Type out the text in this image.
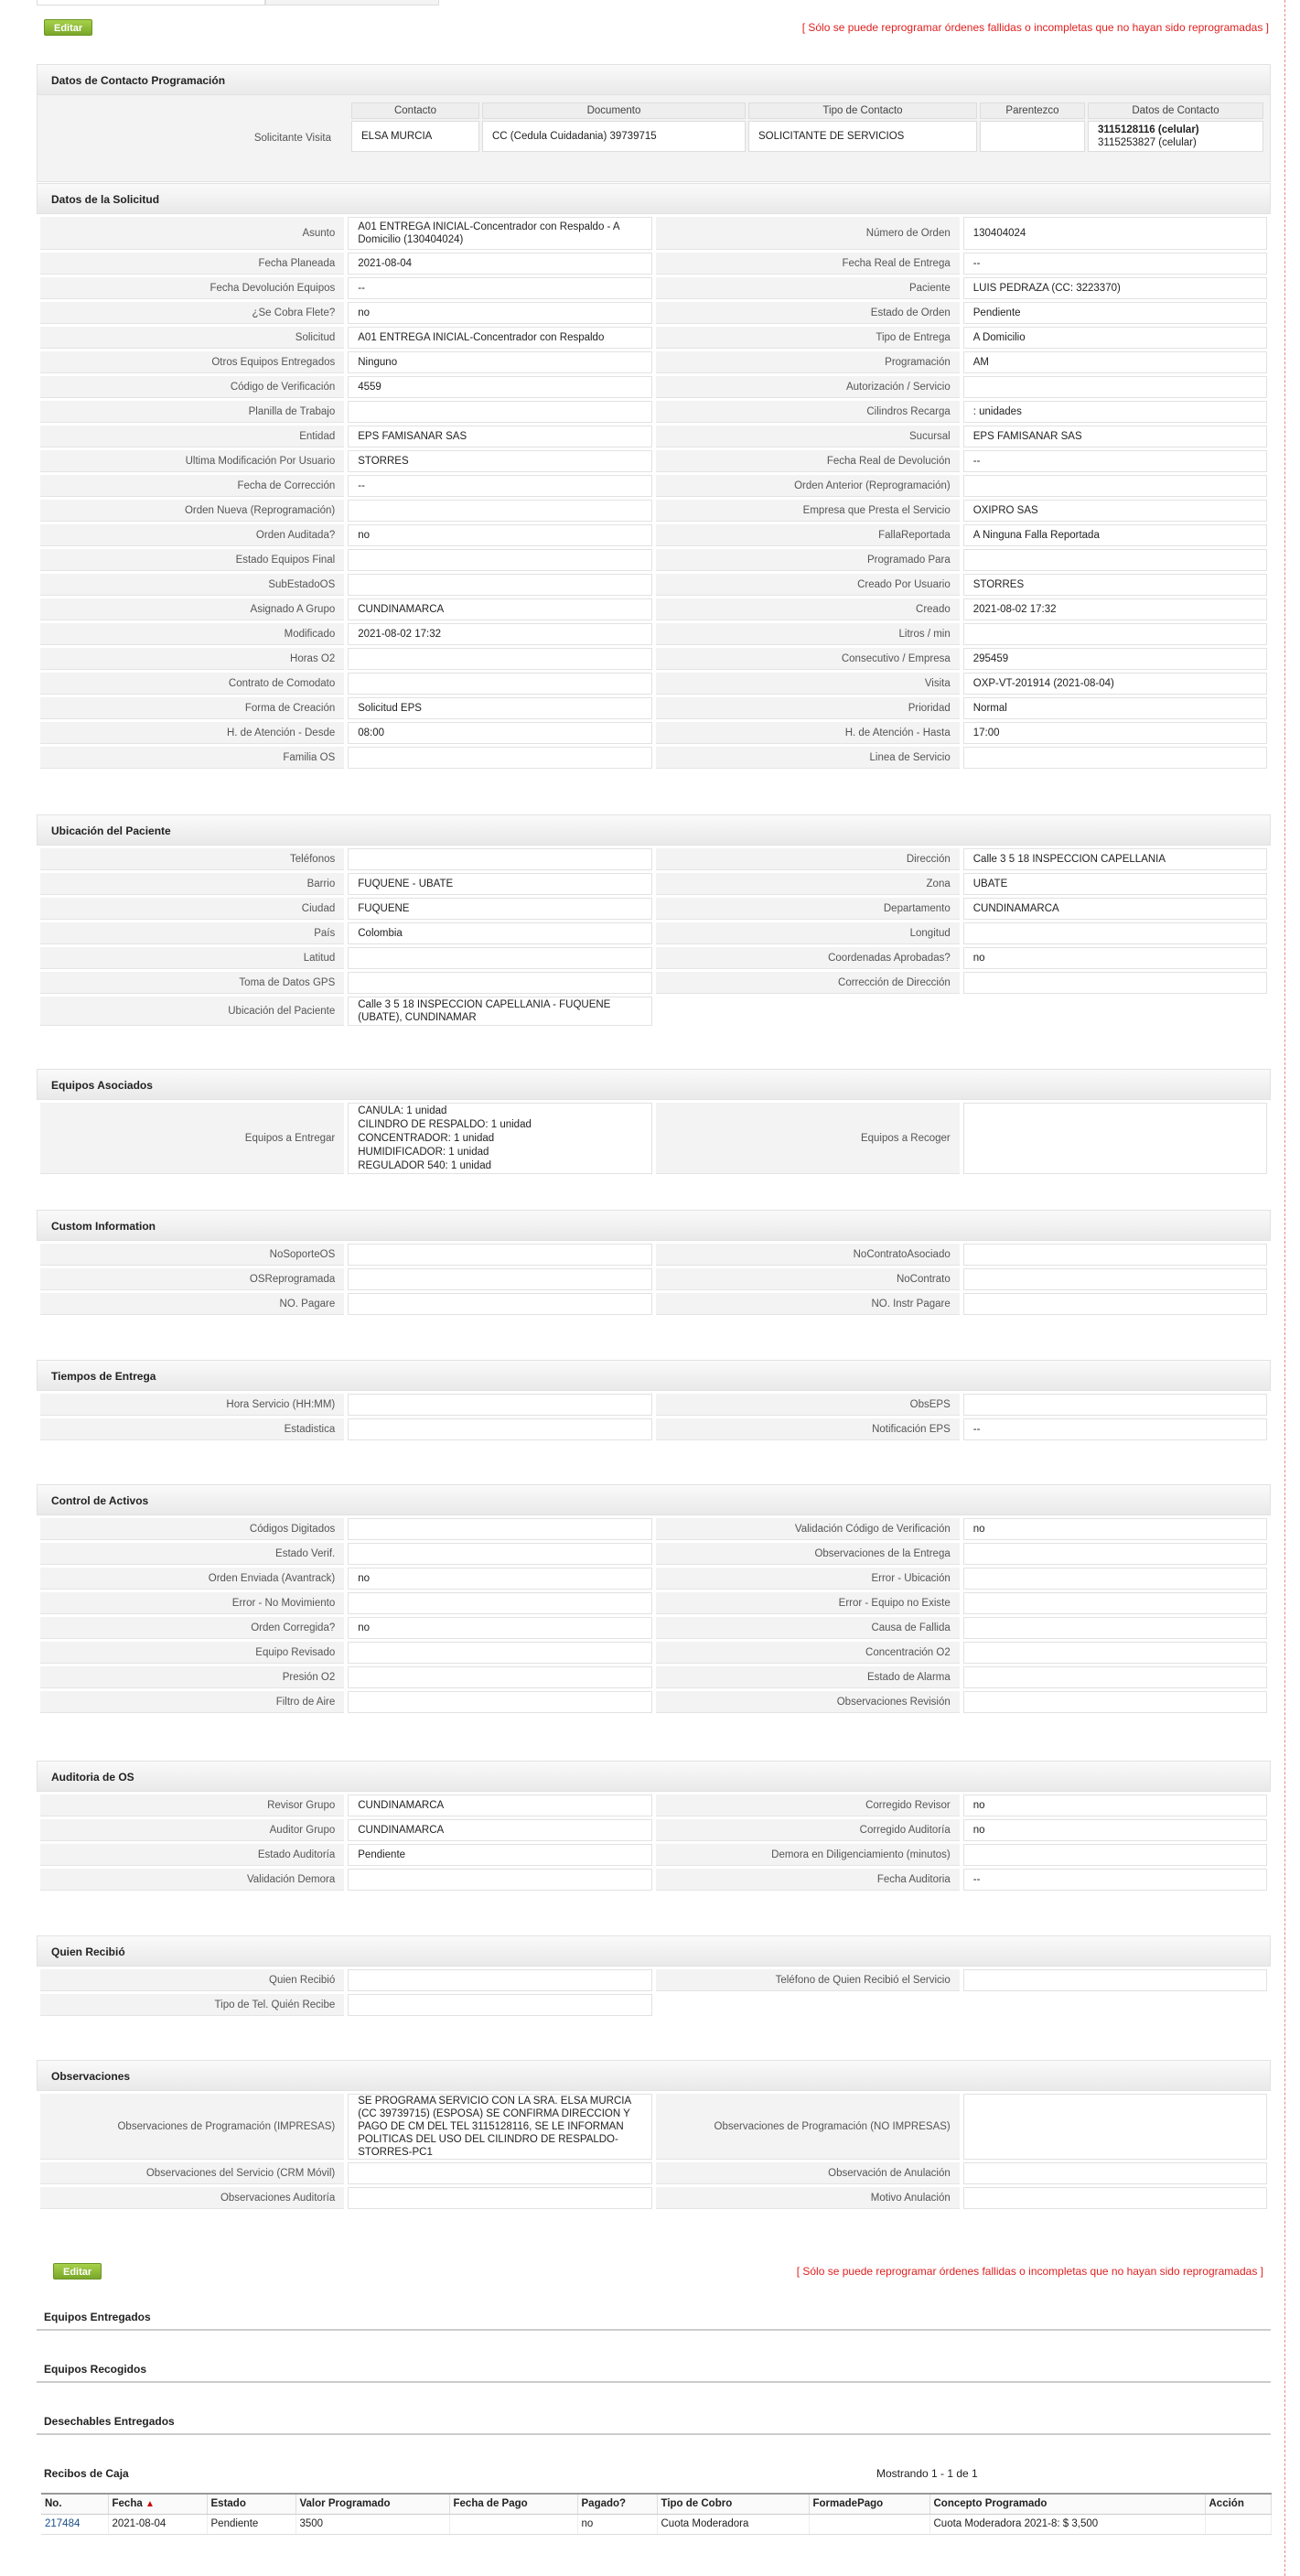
Editar	[ Sólo se puede reprogramar órdenes fallidas o incompletas que no hayan sido reprogramadas ]
Datos de Contacto Programación
Solicitante Visita
Contacto	Documento	Tipo de Contacto	Parentezco	Datos de Contacto
ELSA MURCIA	CC (Cedula Cuidadania) 39739715	SOLICITANTE DE SERVICIOS		3115128116 (celular)
3115253827 (celular)
Datos de la Solicitud
Asunto	A01 ENTREGA INICIAL-Concentrador con Respaldo - A Domicilio (130404024)	Número de Orden	130404024
Fecha Planeada	2021-08-04	Fecha Real de Entrega	--
Fecha Devolución Equipos	--	Paciente	LUIS PEDRAZA (CC: 3223370)
¿Se Cobra Flete?	no	Estado de Orden	Pendiente
Solicitud	A01 ENTREGA INICIAL-Concentrador con Respaldo	Tipo de Entrega	A Domicilio
Otros Equipos Entregados	Ninguno	Programación	AM
Código de Verificación	4559	Autorización / Servicio	
Planilla de Trabajo		Cilindros Recarga	: unidades
Entidad	EPS FAMISANAR SAS	Sucursal	EPS FAMISANAR SAS
Ultima Modificación Por Usuario	STORRES	Fecha Real de Devolución	--
Fecha de Corrección	--	Orden Anterior (Reprogramación)	
Orden Nueva (Reprogramación)		Empresa que Presta el Servicio	OXIPRO SAS
Orden Auditada?	no	FallaReportada	A Ninguna Falla Reportada
Estado Equipos Final		Programado Para	
SubEstadoOS		Creado Por Usuario	STORRES
Asignado A Grupo	CUNDINAMARCA	Creado	2021-08-02 17:32
Modificado	2021-08-02 17:32	Litros / min	
Horas O2		Consecutivo / Empresa	295459
Contrato de Comodato		Visita	OXP-VT-201914 (2021-08-04)
Forma de Creación	Solicitud EPS	Prioridad	Normal
H. de Atención - Desde	08:00	H. de Atención - Hasta	17:00
Familia OS		Linea de Servicio	
Ubicación del Paciente
Teléfonos		Dirección	Calle 3 5 18 INSPECCION CAPELLANIA
Barrio	FUQUENE - UBATE	Zona	UBATE
Ciudad	FUQUENE	Departamento	CUNDINAMARCA
País	Colombia	Longitud	
Latitud		Coordenadas Aprobadas?	no
Toma de Datos GPS		Corrección de Dirección	
Ubicación del Paciente	Calle 3 5 18 INSPECCION CAPELLANIA - FUQUENE (UBATE), CUNDINAMAR		
Equipos Asociados
Equipos a Entregar	
CANULA: 1 unidad
CILINDRO DE RESPALDO: 1 unidad
CONCENTRADOR: 1 unidad
HUMIDIFICADOR: 1 unidad
REGULADOR 540: 1 unidad
	Equipos a Recoger	
Custom Information
NoSoporteOS		NoContratoAsociado	
OSReprogramada		NoContrato	
NO. Pagare		NO. Instr Pagare	
Tiempos de Entrega
Hora Servicio (HH:MM)		ObsEPS	
Estadistica		Notificación EPS	--
Control de Activos
Códigos Digitados		Validación Código de Verificación	no
Estado Verif.		Observaciones de la Entrega	
Orden Enviada (Avantrack)	no	Error - Ubicación	
Error - No Movimiento		Error - Equipo no Existe	
Orden Corregida?	no	Causa de Fallida	
Equipo Revisado		Concentración O2	
Presión O2		Estado de Alarma	
Filtro de Aire		Observaciones Revisión	
Auditoria de OS
Revisor Grupo	CUNDINAMARCA	Corregido Revisor	no
Auditor Grupo	CUNDINAMARCA	Corregido Auditoría	no
Estado Auditoría	Pendiente	Demora en Diligenciamiento (minutos)	
Validación Demora		Fecha Auditoria	--
Quien Recibió
Quien Recibió		Teléfono de Quien Recibió el Servicio	
Tipo de Tel. Quién Recibe			
Observaciones
Observaciones de Programación (IMPRESAS)	SE PROGRAMA SERVICIO CON LA SRA. ELSA MURCIA (CC 39739715) (ESPOSA) SE CONFIRMA DIRECCION Y PAGO DE CM DEL TEL 3115128116, SE LE INFORMAN POLITICAS DEL USO DEL CILINDRO DE RESPALDO-STORRES-PC1	Observaciones de Programación (NO IMPRESAS)	
Observaciones del Servicio (CRM Móvil)		Observación de Anulación	
Observaciones Auditoría		Motivo Anulación	
Editar	[ Sólo se puede reprogramar órdenes fallidas o incompletas que no hayan sido reprogramadas ]
Equipos Entregados
Equipos Recogidos
Desechables Entregados
Recibos de Caja	Mostrando 1 - 1 de 1
No.	Fecha ▲	Estado	Valor Programado	Fecha de Pago	Pagado?	Tipo de Cobro	FormadePago	Concepto Programado	Acción
217484	2021-08-04	Pendiente	3500		no	Cuota Moderadora		Cuota Moderadora 2021-8: $ 3,500	
